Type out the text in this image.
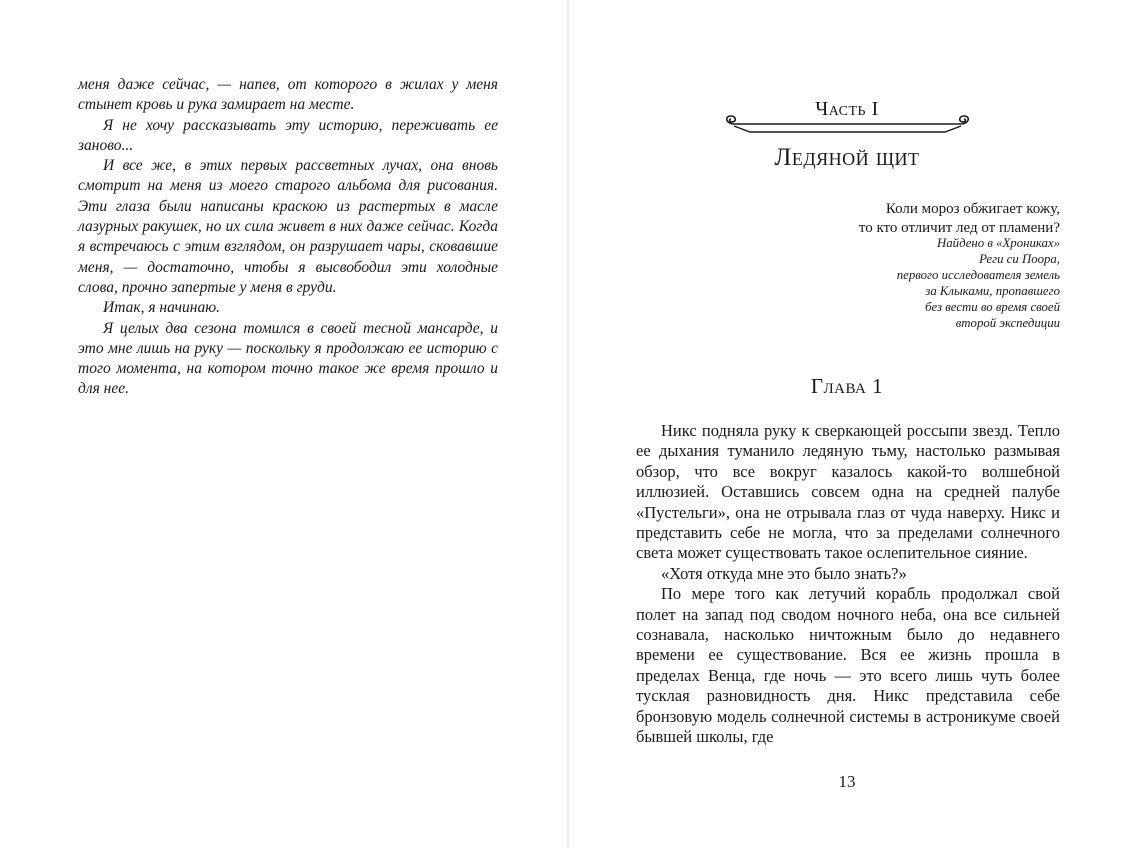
меня даже сейчас, — напев, от которого в жилах у меня стынет кровь и рука замирает на месте.

Я не хочу рассказывать эту историю, переживать ее заново...

И все же, в этих первых рассветных лучах, она вновь смотрит на меня из моего старого альбома для рисования. Эти глаза были написаны краскою из растертых в масле лазурных ракушек, но их сила живет в них даже сейчас. Когда я встречаюсь с этим взглядом, он разрушает чары, сковавшие меня, — достаточно, чтобы я высвободил эти холодные слова, прочно запертые у меня в груди.

Итак, я начинаю.

Я целых два сезона томился в своей тесной мансарде, и это мне лишь на руку — поскольку я продолжаю ее историю с того момента, на котором точно такое же время прошло и для нее.

Часть I
Ледяной щит

Коли мороз обжигает кожу,

то кто отличит лед от пламени?

Найдено в «Хрониках»

Реги си Поора,

первого исследователя земель

за Клыками, пропавшего

без вести во время своей

второй экспедиции

Глава 1

Никс подняла руку к сверкающей россыпи звезд. Тепло ее дыхания туманило ледяную тьму, настолько размывая обзор, что все вокруг казалось какой-то волшебной иллюзией. Оставшись совсем одна на средней палубе «Пустельги», она не отрывала глаз от чуда наверху. Никс и представить себе не могла, что за пределами солнечного света может существовать такое ослепительное сияние.

«Хотя откуда мне это было знать?»

По мере того как летучий корабль продолжал свой полет на запад под сводом ночного неба, она все сильней сознавала, насколько ничтожным было до недавнего времени ее существование. Вся ее жизнь прошла в пределах Венца, где ночь — это всего лишь чуть более тусклая разновидность дня. Никс представила себе бронзовую модель солнечной системы в астроникуме своей бывшей школы, где

13
